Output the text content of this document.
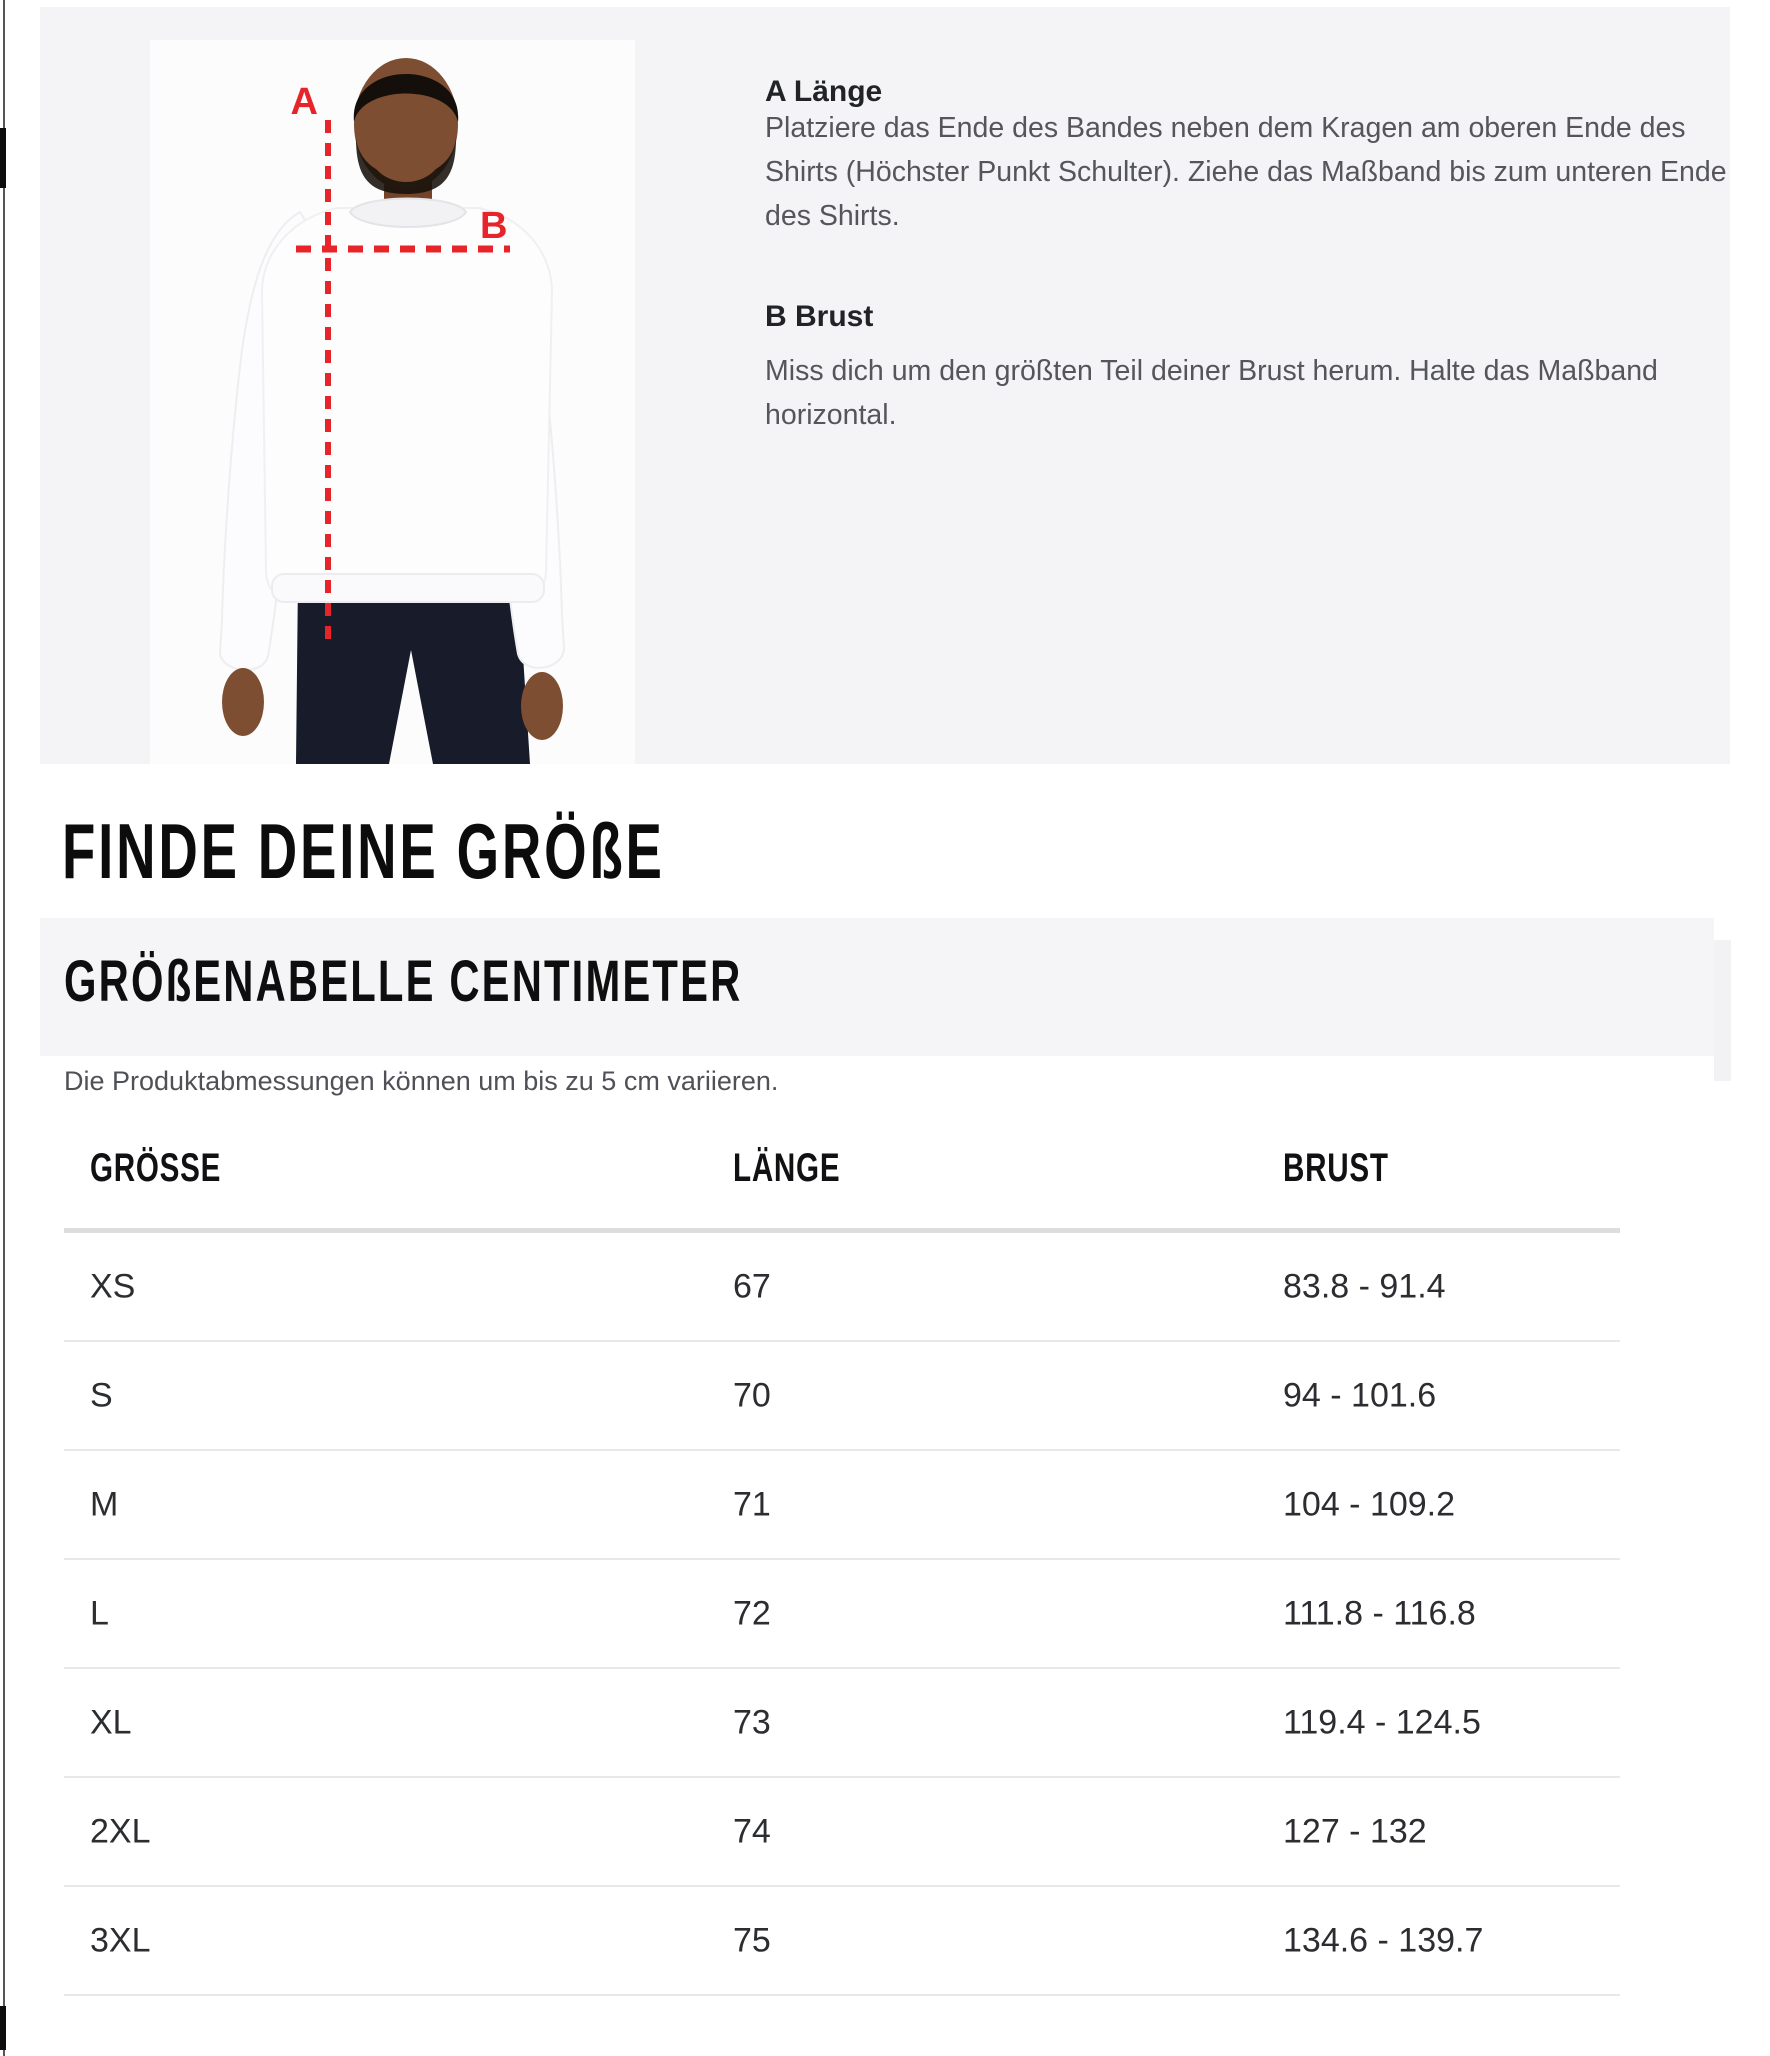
A
B
A Länge
Platziere das Ende des Bandes neben dem Kragen am oberen Ende des
Shirts (Höchster Punkt Schulter). Ziehe das Maßband bis zum unteren Ende
des Shirts.
B Brust
Miss dich um den größten Teil deiner Brust herum. Halte das Maßband
horizontal.
FINDE DEINE GRÖßE
GRÖßENABELLE CENTIMETER
Die Produktabmessungen können um bis zu 5 cm variieren.
GRÖSSE	LÄNGE	BRUST
XS	67	83.8 - 91.4
S	70	94 - 101.6
M	71	104 - 109.2
L	72	111.8 - 116.8
XL	73	119.4 - 124.5
2XL	74	127 - 132
3XL	75	134.6 - 139.7
